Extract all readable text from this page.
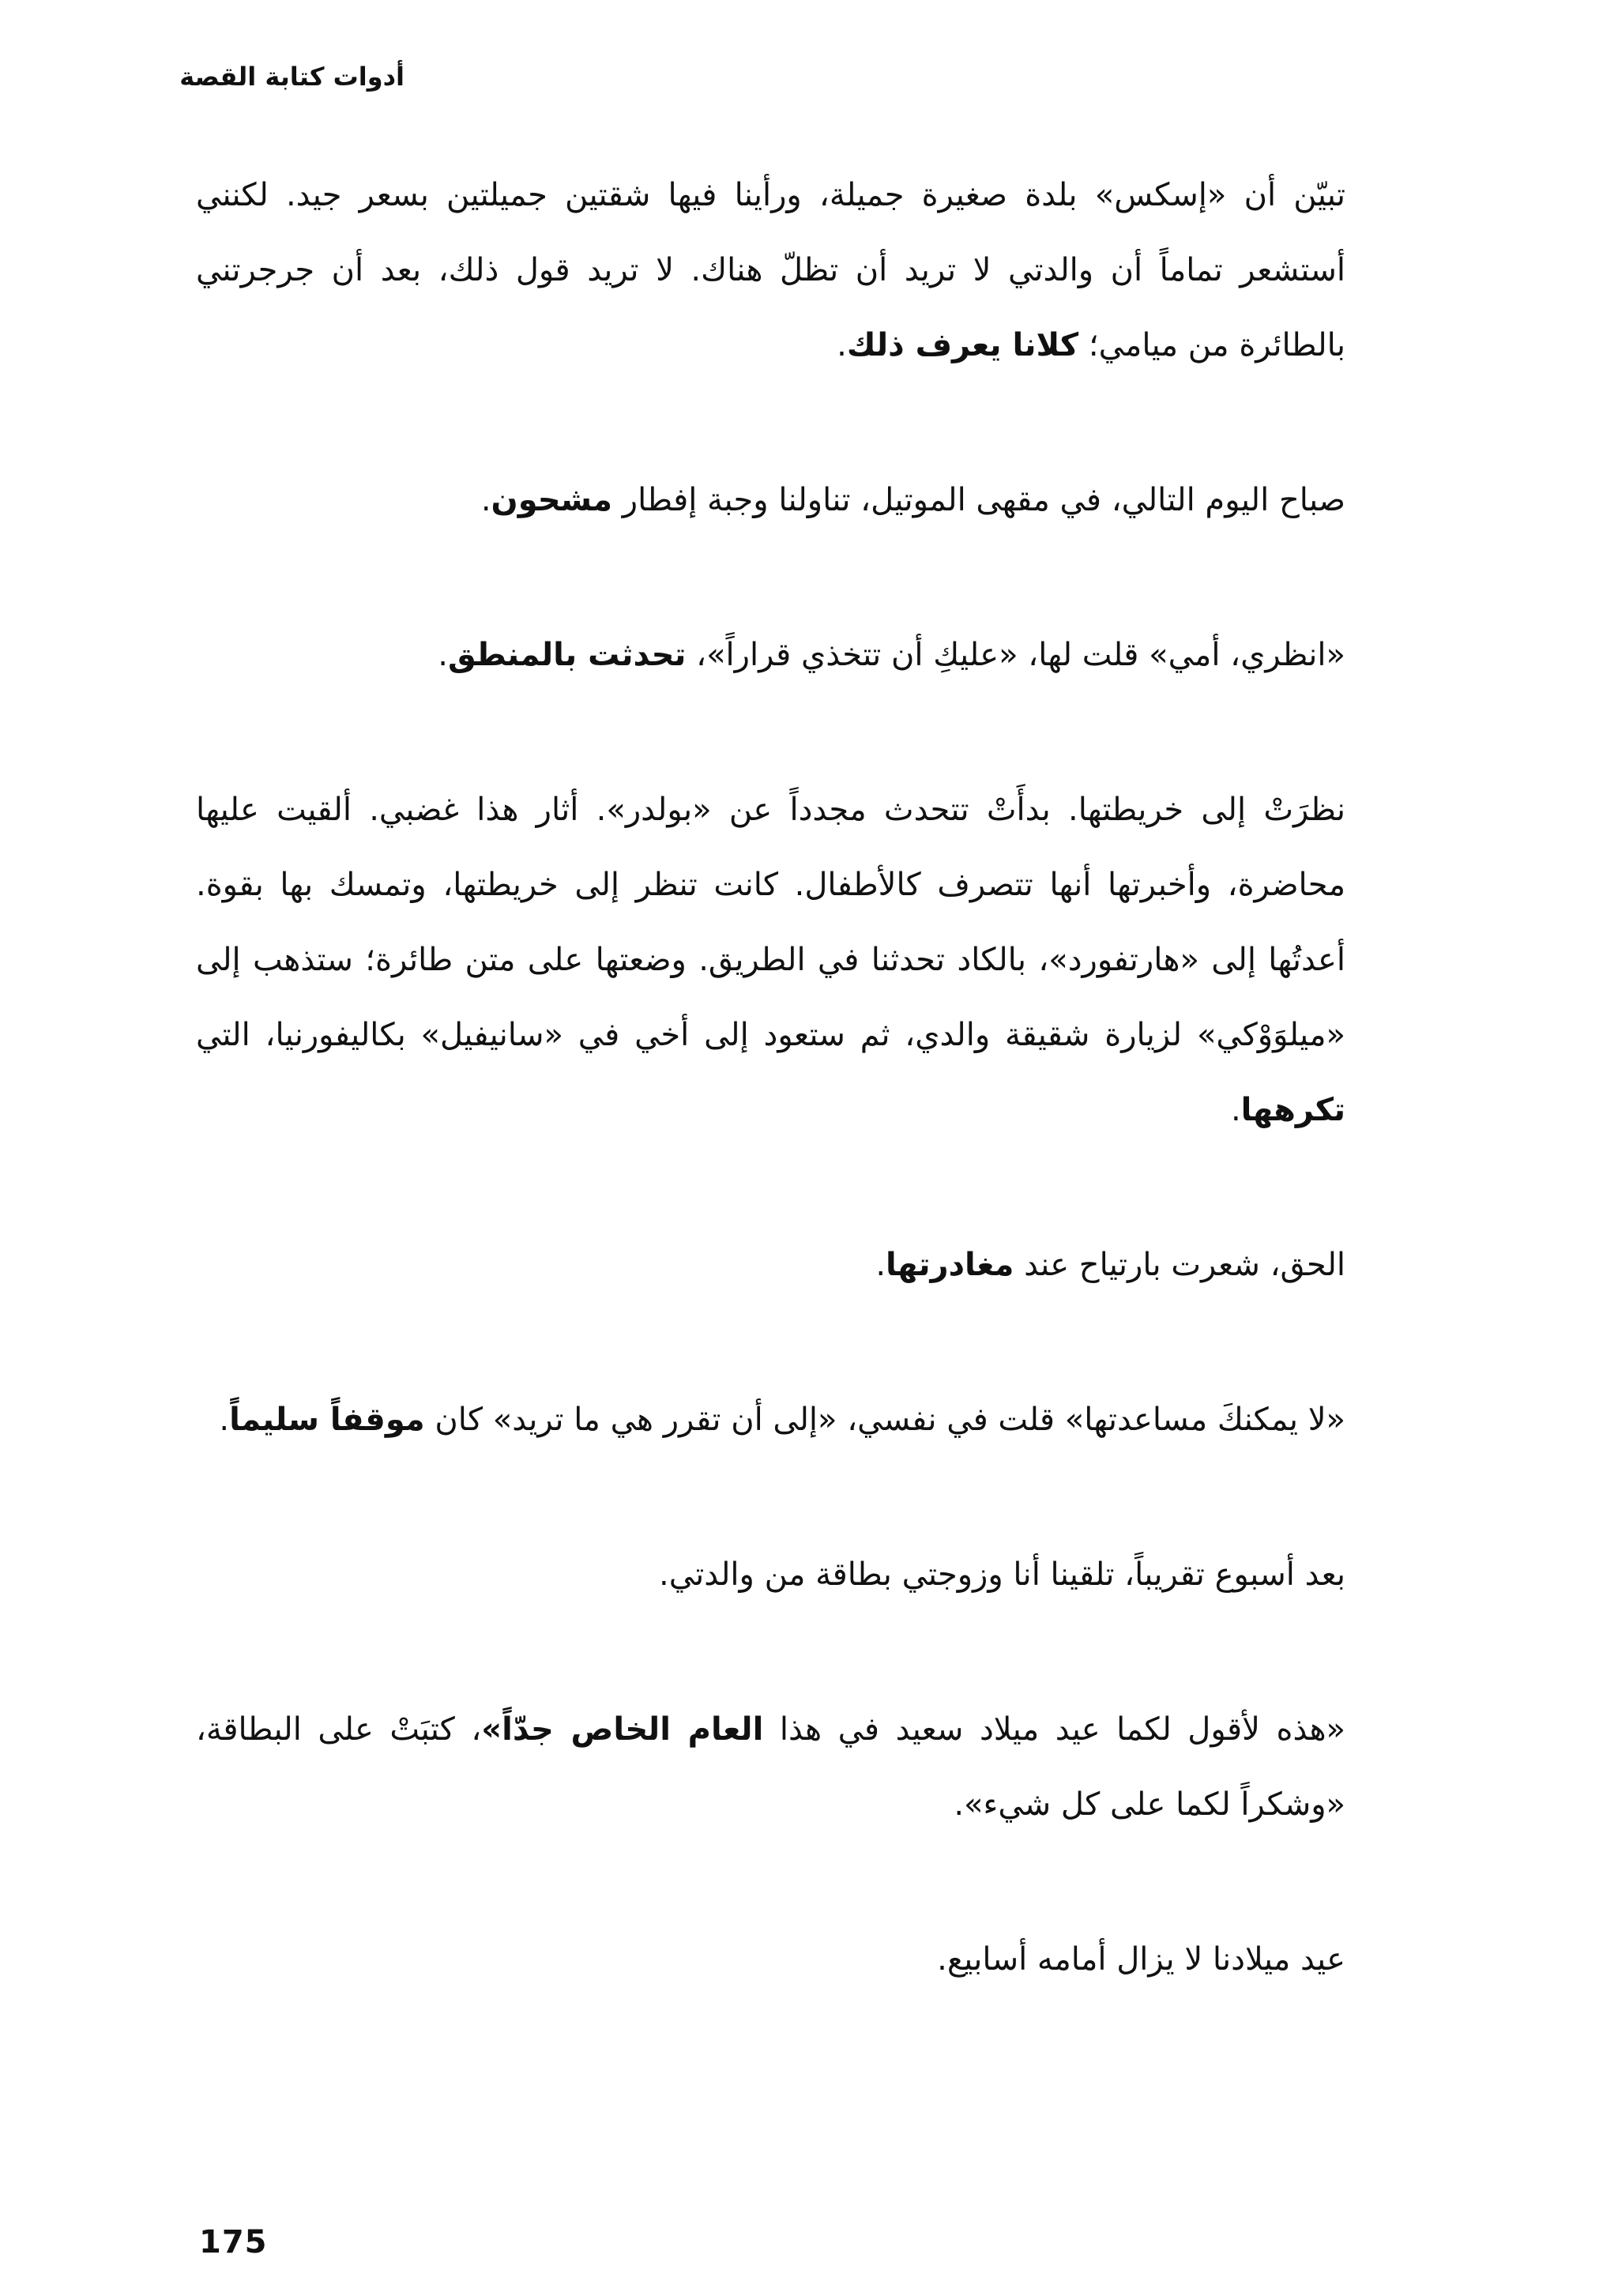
أدوات كتابة القصة

تبيّن أن «إسكس» بلدة صغيرة جميلة، ورأينا فيها شقتين جميلتين بسعر جيد. لكنني أستشعر تماماً أن والدتي لا تريد أن تظلّ هناك. لا تريد قول ذلك، بعد أن جرجرتني بالطائرة من ميامي؛ كلانا يعرف ذلك.

صباح اليوم التالي، في مقهى الموتيل، تناولنا وجبة إفطار مشحون.

«انظري، أمي» قلت لها، «عليكِ أن تتخذي قراراً»، تحدثت بالمنطق.

نظرَتْ إلى خريطتها. بدأَتْ تتحدث مجدداً عن «بولدر». أثار هذا غضبي. ألقيت عليها محاضرة، وأخبرتها أنها تتصرف كالأطفال. كانت تنظر إلى خريطتها، وتمسك بها بقوة. أعدتُها إلى «هارتفورد»، بالكاد تحدثنا في الطريق. وضعتها على متن طائرة؛ ستذهب إلى «ميلوَوْكي» لزيارة شقيقة والدي، ثم ستعود إلى أخي في «سانيفيل» بكاليفورنيا، التي تكرهها.

الحق، شعرت بارتياح عند مغادرتها.

«لا يمكنكَ مساعدتها» قلت في نفسي، «إلى أن تقرر هي ما تريد» كان موقفاً سليماً.

بعد أسبوع تقريباً، تلقينا أنا وزوجتي بطاقة من والدتي.

«هذه لأقول لكما عيد ميلاد سعيد في هذا العام الخاص جدّاً»، كتبَتْ على البطاقة، «وشكراً لكما على كل شيء».

عيد ميلادنا لا يزال أمامه أسابيع.

175
